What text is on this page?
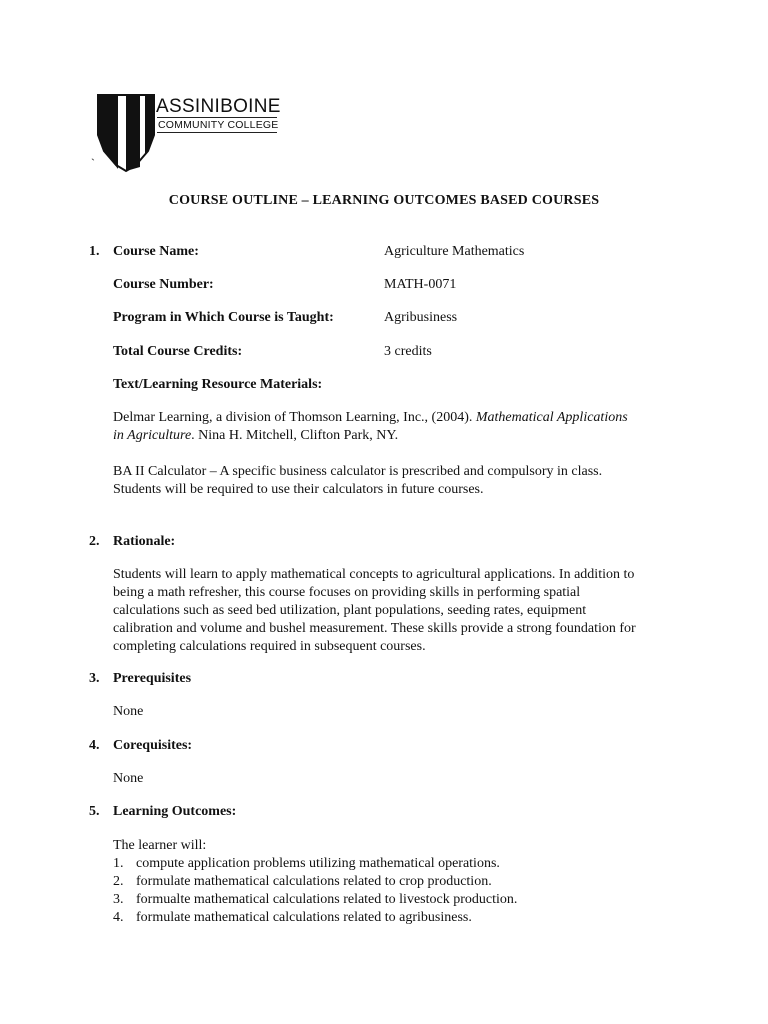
ASSINIBOINE
COMMUNITY COLLEGE
`
COURSE OUTLINE – LEARNING OUTCOMES BASED COURSES
1. Course Name:	Agriculture Mathematics
Course Number:	MATH-0071
Program in Which Course is Taught:	Agribusiness
Total Course Credits:	3 credits
Text/Learning Resource Materials:
Delmar Learning, a division of Thomson Learning, Inc., (2004). Mathematical Applications
in Agriculture. Nina H. Mitchell, Clifton Park, NY.
BA II Calculator – A specific business calculator is prescribed and compulsory in class.
Students will be required to use their calculators in future courses.
2. Rationale:
Students will learn to apply mathematical concepts to agricultural applications. In addition to
being a math refresher, this course focuses on providing skills in performing spatial
calculations such as seed bed utilization, plant populations, seeding rates, equipment
calibration and volume and bushel measurement. These skills provide a strong foundation for
completing calculations required in subsequent courses.
3. Prerequisites
None
4. Corequisites:
None
5. Learning Outcomes:
The learner will:
1. compute application problems utilizing mathematical operations.
2. formulate mathematical calculations related to crop production.
3. formualte mathematical calculations related to livestock production.
4. formulate mathematical calculations related to agribusiness.
